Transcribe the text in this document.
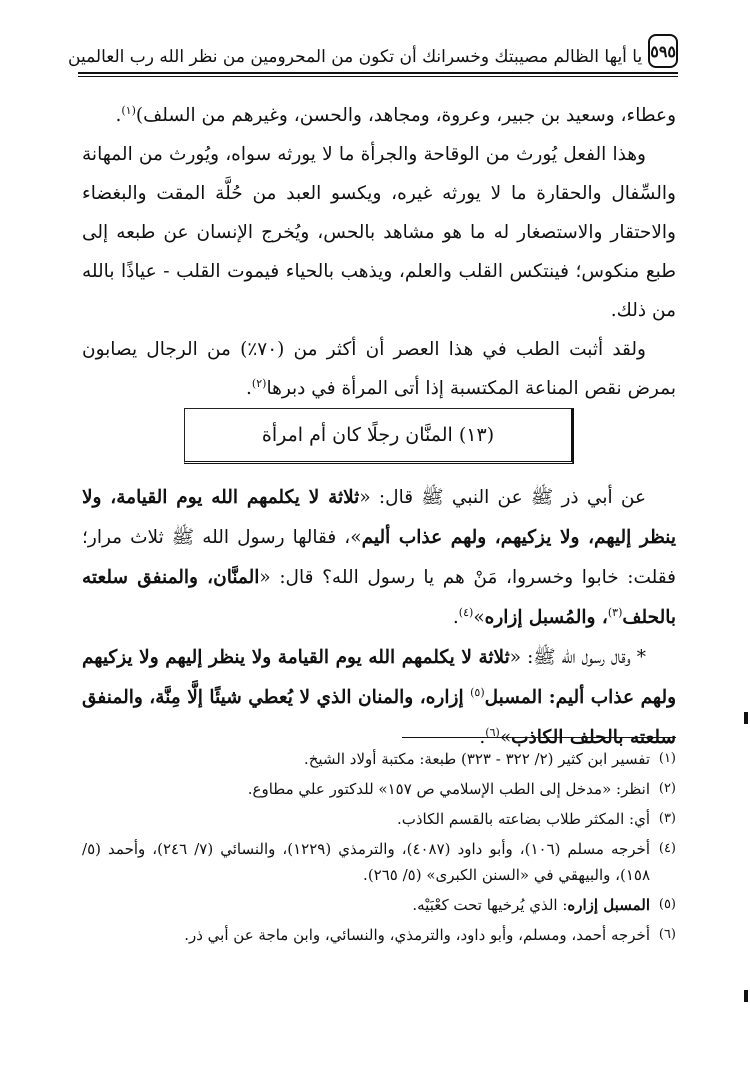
٥٩٥
يا أيها الظالم مصيبتك وخسرانك أن تكون من المحرومين من نظر الله رب العالمين

وعطاء، وسعيد بن جبير، وعروة، ومجاهد، والحسن، وغيرهم من السلف)$^{(١)}$.

وهذا الفعل يُورث من الوقاحة والجرأة ما لا يورثه سواه، ويُورث من المهانة والسِّفال والحقارة ما لا يورثه غيره، ويكسو العبد من حُلَّة المقت والبغضاء والاحتقار والاستصغار له ما هو مشاهد بالحس، ويُخرج الإنسان عن طبعه إلى طبع منكوس؛ فينتكس القلب والعلم، ويذهب بالحياء فيموت القلب - عياذًا بالله من ذلك.

ولقد أثبت الطب في هذا العصر أن أكثر من (٧٠٪) من الرجال يصابون بمرض نقص المناعة المكتسبة إذا أتى المرأة في دبرها$^{(٢)}$.

(١٣) المنَّان رجلًا كان أم امرأة

عن أبي ذر ﷺ عن النبي ﷺ قال: «ثلاثة لا يكلمهم الله يوم القيامة، ولا ينظر إليهم، ولا يزكيهم، ولهم عذاب أليم»، فقالها رسول الله ﷺ ثلاث مرار؛ فقلت: خابوا وخسروا، مَنْ هم يا رسول الله؟ قال: «المنَّان، والمنفق سلعته بالحلف$^{(٣)}$، والمُسبل إزاره»$^{(٤)}$.

* وقال رسول الله ﷺ: «ثلاثة لا يكلمهم الله يوم القيامة ولا ينظر إليهم ولا يزكيهم ولهم عذاب أليم: المسبل$^{(٥)}$ إزاره، والمنان الذي لا يُعطي شيئًا إلَّا مِنَّة، والمنفق سلعته بالحلف الكاذب»$^{(٦)}$.

(١)
تفسير ابن كثير (٢/ ٣٢٢ - ٣٢٣) طبعة: مكتبة أولاد الشيخ.
(٢)
انظر: «مدخل إلى الطب الإسلامي ص ١٥٧» للدكتور علي مطاوع.
(٣)
أي: المكثر طلاب بضاعته بالقسم الكاذب.
(٤)
أخرجه مسلم (١٠٦)، وأبو داود (٤٠٨٧)، والترمذي (١٢٢٩)، والنسائي (٧/ ٢٤٦)، وأحمد (٥/ ١٥٨)، والبيهقي في «السنن الكبرى» (٥/ ٢٦٥).
(٥)
المسبل إزاره: الذي يُرخيها تحت كعْبَيْه.
(٦)
أخرجه أحمد، ومسلم، وأبو داود، والترمذي، والنسائي، وابن ماجة عن أبي ذر.
